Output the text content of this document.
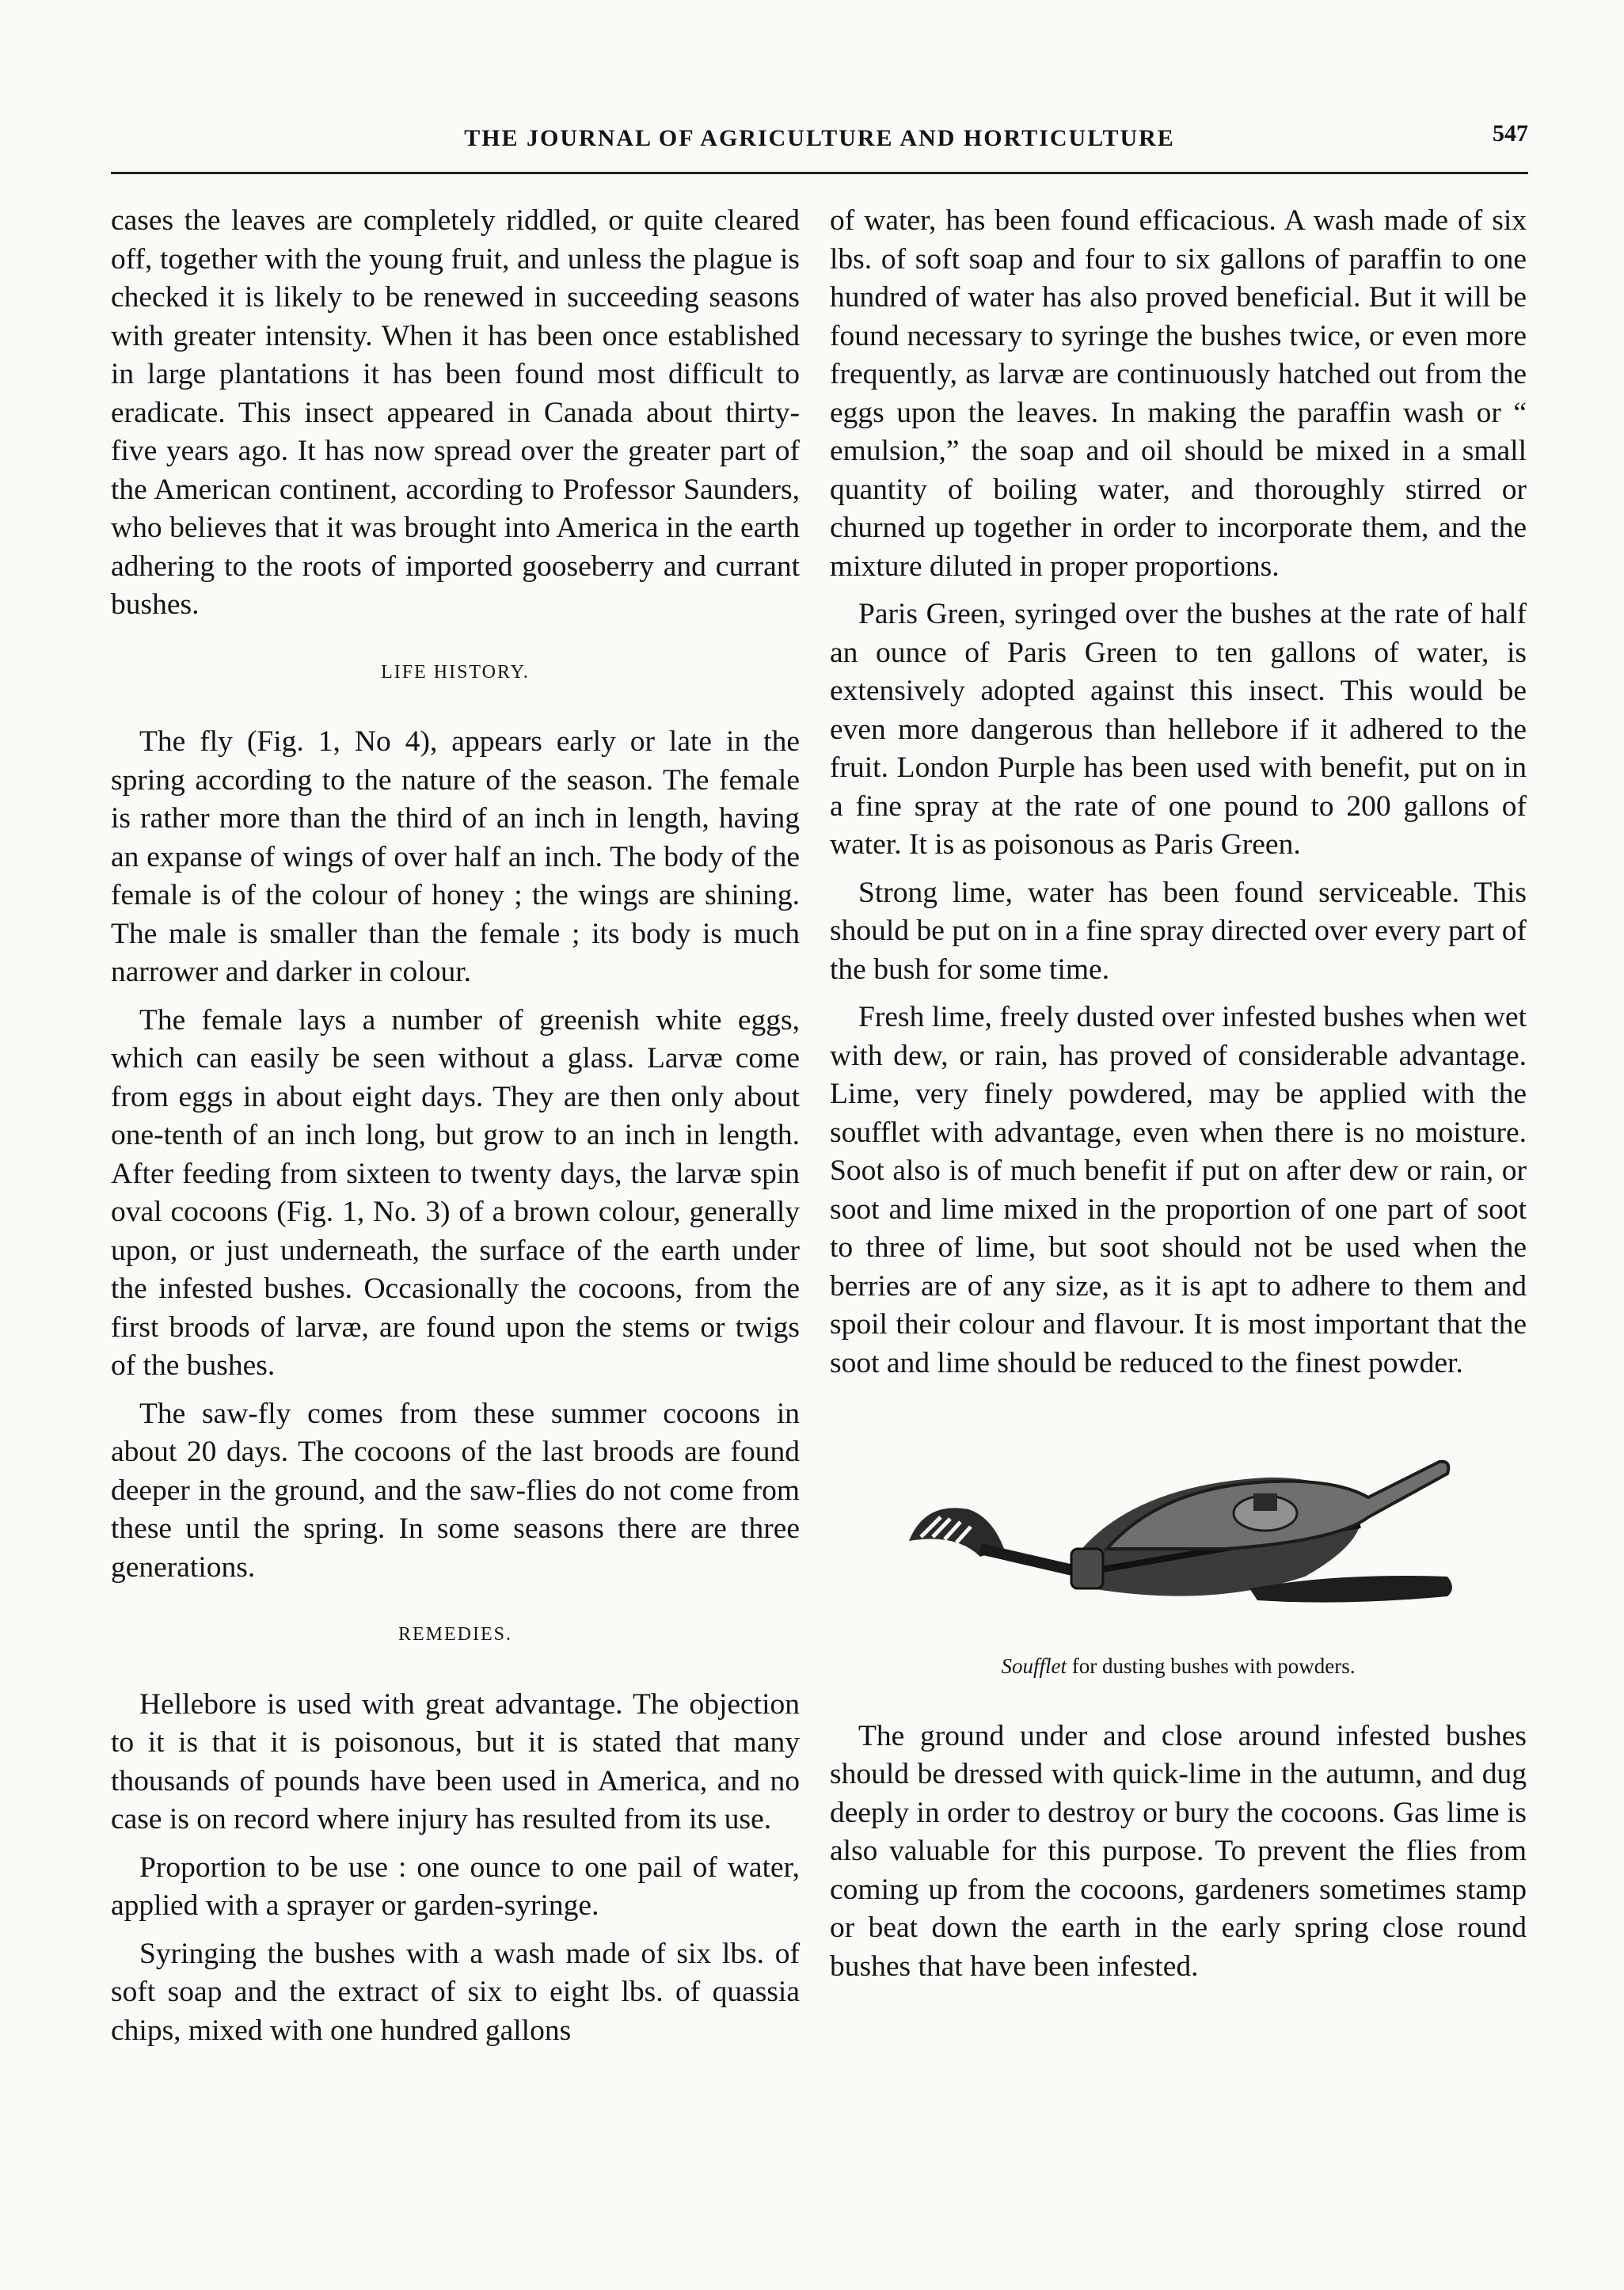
THE JOURNAL OF AGRICULTURE AND HORTICULTURE	547

cases the leaves are completely riddled, or quite cleared off, together with the young fruit, and unless the plague is checked it is likely to be renewed in succeeding seasons with greater intensity. When it has been once established in large plantations it has been found most difficult to eradicate. This insect appeared in Canada about thirty-five years ago. It has now spread over the greater part of the American continent, according to Professor Saunders, who believes that it was brought into America in the earth adhering to the roots of imported gooseberry and currant bushes.

LIFE HISTORY.

The fly (Fig. 1, No 4), appears early or late in the spring according to the nature of the season. The female is rather more than the third of an inch in length, having an expanse of wings of over half an inch. The body of the female is of the colour of honey ; the wings are shining. The male is smaller than the female ; its body is much narrower and darker in colour.

The female lays a number of greenish white eggs, which can easily be seen without a glass. Larvæ come from eggs in about eight days. They are then only about one-tenth of an inch long, but grow to an inch in length. After feeding from sixteen to twenty days, the larvæ spin oval cocoons (Fig. 1, No. 3) of a brown colour, generally upon, or just underneath, the surface of the earth under the infested bushes. Occasionally the cocoons, from the first broods of larvæ, are found upon the stems or twigs of the bushes.

The saw-fly comes from these summer cocoons in about 20 days. The cocoons of the last broods are found deeper in the ground, and the saw-flies do not come from these until the spring. In some seasons there are three generations.

REMEDIES.

Hellebore is used with great advantage. The objection to it is that it is poisonous, but it is stated that many thousands of pounds have been used in America, and no case is on record where injury has resulted from its use.

Proportion to be use : one ounce to one pail of water, applied with a sprayer or garden-syringe.

Syringing the bushes with a wash made of six lbs. of soft soap and the extract of six to eight lbs. of quassia chips, mixed with one hundred gallons

of water, has been found efficacious. A wash made of six lbs. of soft soap and four to six gallons of paraffin to one hundred of water has also proved beneficial. But it will be found necessary to syringe the bushes twice, or even more frequently, as larvæ are continuously hatched out from the eggs upon the leaves. In making the paraffin wash or “ emulsion,” the soap and oil should be mixed in a small quantity of boiling water, and thoroughly stirred or churned up together in order to incorporate them, and the mixture diluted in proper proportions.

Paris Green, syringed over the bushes at the rate of half an ounce of Paris Green to ten gallons of water, is extensively adopted against this insect. This would be even more dangerous than hellebore if it adhered to the fruit. London Purple has been used with benefit, put on in a fine spray at the rate of one pound to 200 gallons of water. It is as poisonous as Paris Green.

Strong lime, water has been found serviceable. This should be put on in a fine spray directed over every part of the bush for some time.

Fresh lime, freely dusted over infested bushes when wet with dew, or rain, has proved of considerable advantage. Lime, very finely powdered, may be applied with the soufflet with advantage, even when there is no moisture. Soot also is of much benefit if put on after dew or rain, or soot and lime mixed in the proportion of one part of soot to three of lime, but soot should not be used when the berries are of any size, as it is apt to adhere to them and spoil their colour and flavour. It is most important that the soot and lime should be reduced to the finest powder.

Soufflet for dusting bushes with powders.

The ground under and close around infested bushes should be dressed with quick-lime in the autumn, and dug deeply in order to destroy or bury the cocoons. Gas lime is also valuable for this purpose. To prevent the flies from coming up from the cocoons, gardeners sometimes stamp or beat down the earth in the early spring close round bushes that have been infested.
